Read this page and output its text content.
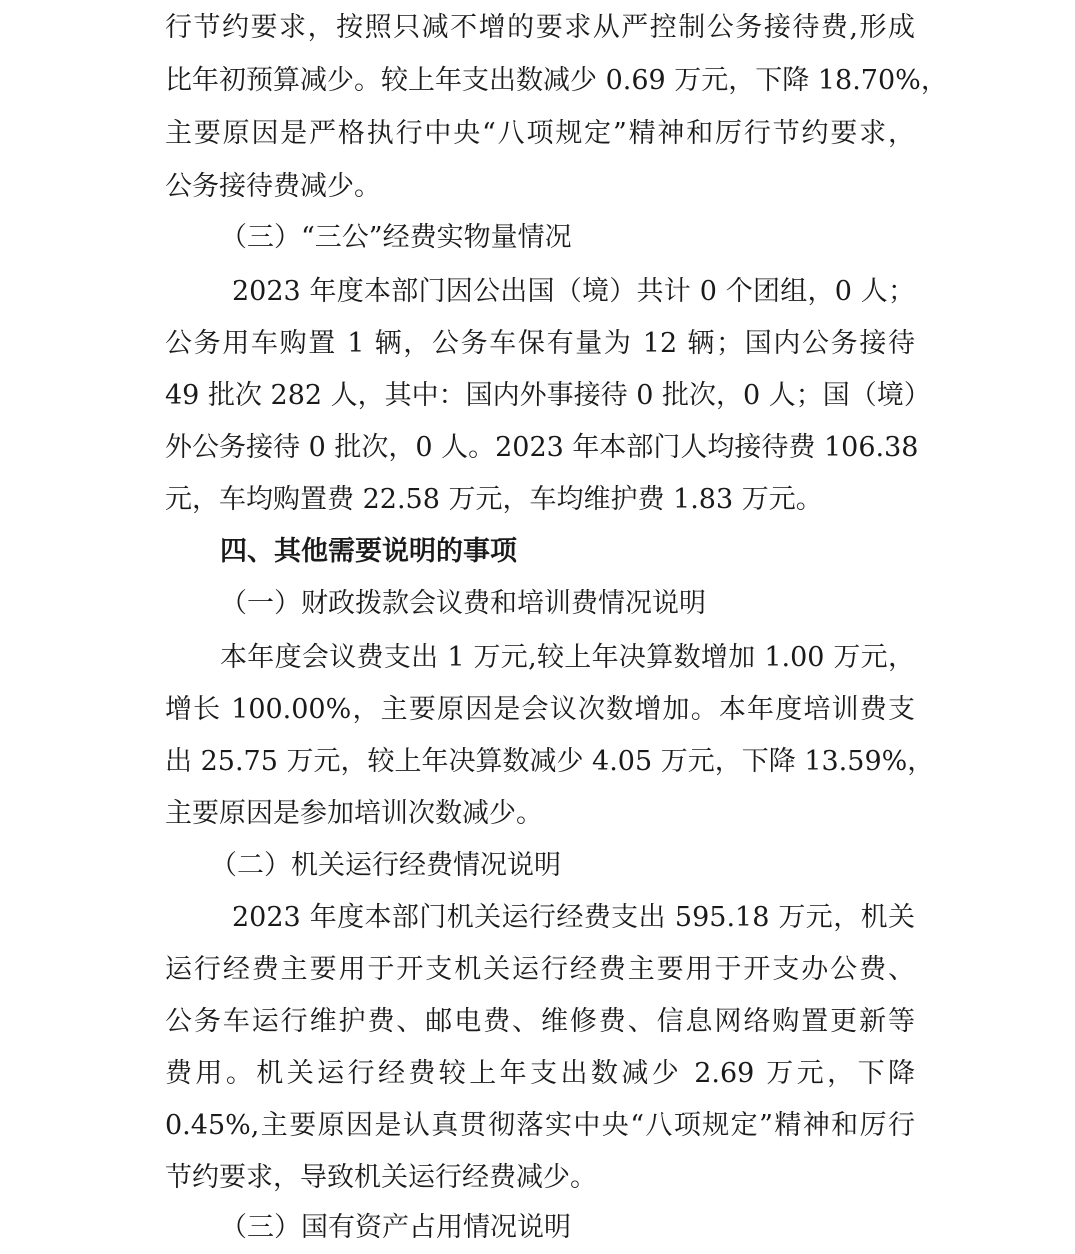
行节约要求，按照只减不增的要求从严控制公务接待费,形成
比年初预算减少。较上年支出数减少 0.69 万元，下降 18.70%，
主要原因是严格执行中央“八项规定”精神和厉行节约要求，
公务接待费减少。
（三）“三公”经费实物量情况
2023 年度本部门因公出国（境）共计 0 个团组，0 人；
公务用车购置 1 辆，公务车保有量为 12 辆；国内公务接待
49 批次 282 人，其中：国内外事接待 0 批次，0 人；国（境）
外公务接待 0 批次，0 人。2023 年本部门人均接待费 106.38
元，车均购置费 22.58 万元，车均维护费 1.83 万元。
四、其他需要说明的事项
（一）财政拨款会议费和培训费情况说明
本年度会议费支出 1 万元,较上年决算数增加 1.00 万元，
增长 100.00%，主要原因是会议次数增加。本年度培训费支
出 25.75 万元，较上年决算数减少 4.05 万元，下降 13.59%，
主要原因是参加培训次数减少。
（二）机关运行经费情况说明
2023 年度本部门机关运行经费支出 595.18 万元，机关
运行经费主要用于开支机关运行经费主要用于开支办公费、
公务车运行维护费、邮电费、维修费、信息网络购置更新等
费用。机关运行经费较上年支出数减少 2.69 万元，下降
0.45%,主要原因是认真贯彻落实中央“八项规定”精神和厉行
节约要求，导致机关运行经费减少。
（三）国有资产占用情况说明
